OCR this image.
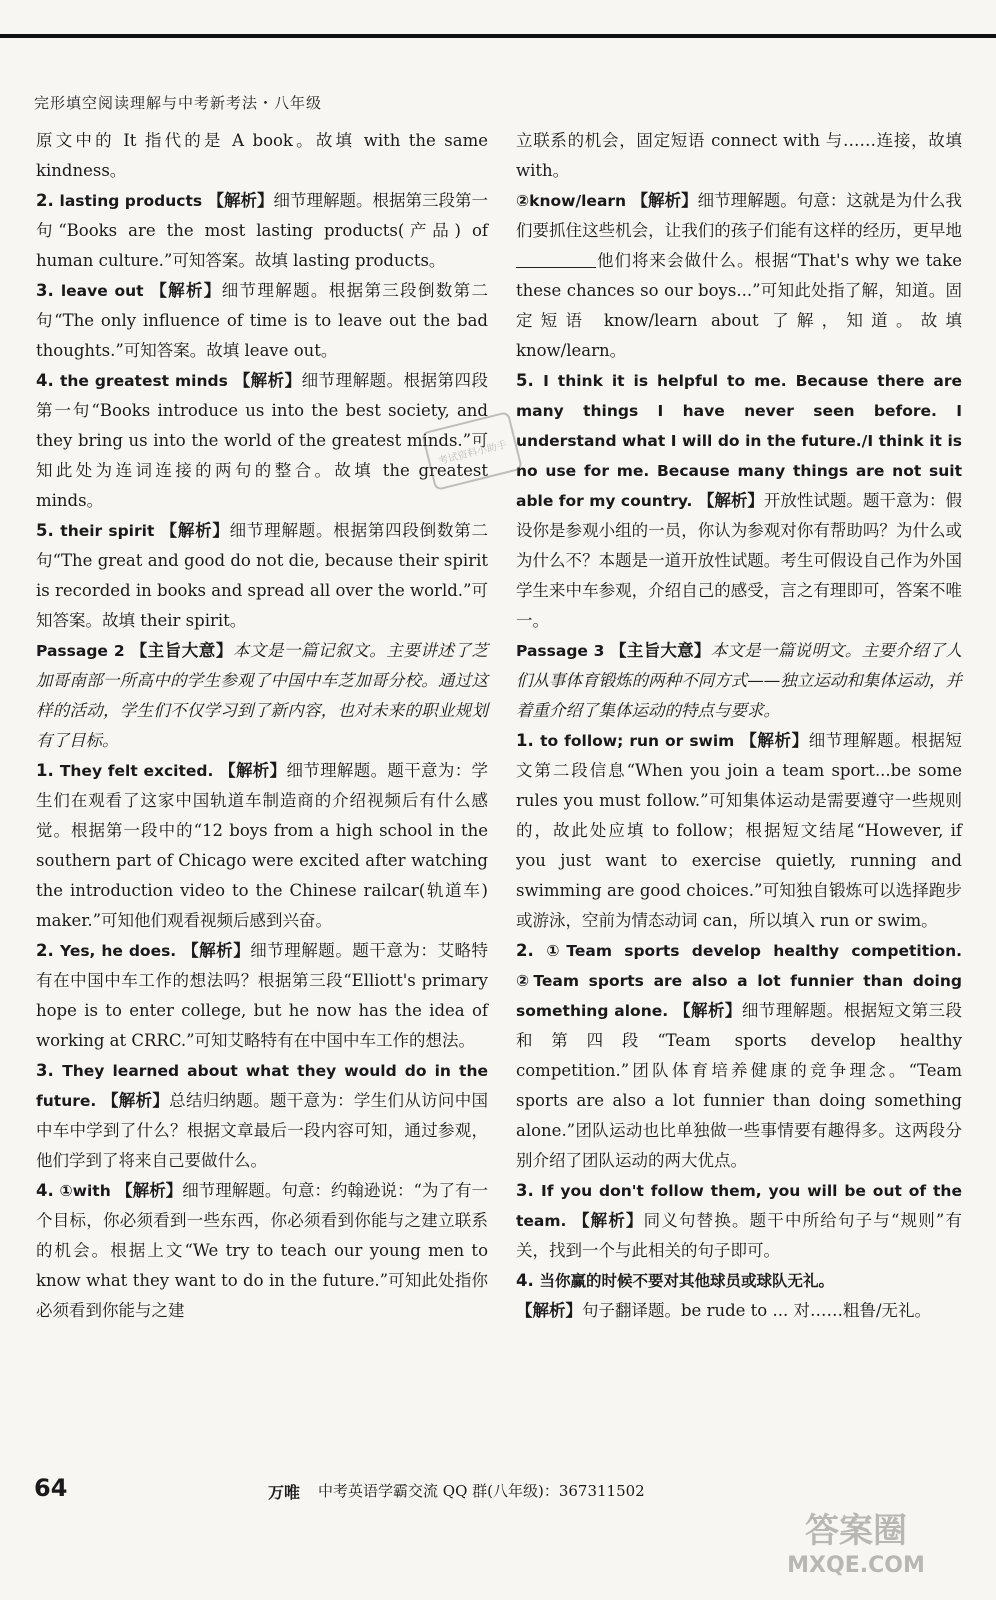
完形填空阅读理解与中考新考法・八年级

原文中的 It 指代的是 A book。故填 with the same kindness。

2. lasting products 【解析】细节理解题。根据第三段第一句“Books are the most lasting products(产品) of human culture.”可知答案。故填 lasting products。

3. leave out 【解析】细节理解题。根据第三段倒数第二句“The only influence of time is to leave out the bad thoughts.”可知答案。故填 leave out。

4. the greatest minds 【解析】细节理解题。根据第四段第一句“Books introduce us into the best society, and they bring us into the world of the greatest minds.”可知此处为连词连接的两句的整合。故填 the greatest minds。

5. their spirit 【解析】细节理解题。根据第四段倒数第二句“The great and good do not die, because their spirit is recorded in books and spread all over the world.”可知答案。故填 their spirit。

Passage 2 【主旨大意】本文是一篇记叙文。主要讲述了芝加哥南部一所高中的学生参观了中国中车芝加哥分校。通过这样的活动，学生们不仅学习到了新内容，也对未来的职业规划有了目标。

1. They felt excited. 【解析】细节理解题。题干意为：学生们在观看了这家中国轨道车制造商的介绍视频后有什么感觉。根据第一段中的“12 boys from a high school in the southern part of Chicago were excited after watching the introduction video to the Chinese railcar(轨道车) maker.”可知他们观看视频后感到兴奋。

2. Yes, he does. 【解析】细节理解题。题干意为：艾略特有在中国中车工作的想法吗？根据第三段“Elliott's primary hope is to enter college, but he now has the idea of working at CRRC.”可知艾略特有在中国中车工作的想法。

3. They learned about what they would do in the future. 【解析】总结归纳题。题干意为：学生们从访问中国中车中学到了什么？根据文章最后一段内容可知，通过参观，他们学到了将来自己要做什么。

4. ①with 【解析】细节理解题。句意：约翰逊说：“为了有一个目标，你必须看到一些东西，你必须看到你能与之建立联系的机会。根据上文“We try to teach our young men to know what they want to do in the future.”可知此处指你必须看到你能与之建

立联系的机会，固定短语 connect with 与……连接，故填 with。

②know/learn 【解析】细节理解题。句意：这就是为什么我们要抓住这些机会，让我们的孩子们能有这样的经历，更早地他们将来会做什么。根据“That's why we take these chances so our boys...”可知此处指了解，知道。固定短语 know/learn about 了解，知道。故填 know/learn。

5. I think it is helpful to me. Because there are many things I have never seen before. I understand what I will do in the future./I think it is no use for me. Because many things are not suit able for my country. 【解析】开放性试题。题干意为：假设你是参观小组的一员，你认为参观对你有帮助吗？为什么或为什么不？本题是一道开放性试题。考生可假设自己作为外国学生来中车参观，介绍自己的感受，言之有理即可，答案不唯一。

Passage 3 【主旨大意】本文是一篇说明文。主要介绍了人们从事体育锻炼的两种不同方式——独立运动和集体运动，并着重介绍了集体运动的特点与要求。

1. to follow; run or swim 【解析】细节理解题。根据短文第二段信息“When you join a team sport...be some rules you must follow.”可知集体运动是需要遵守一些规则的，故此处应填 to follow；根据短文结尾“However, if you just want to exercise quietly, running and swimming are good choices.”可知独自锻炼可以选择跑步或游泳，空前为情态动词 can，所以填入 run or swim。

2. ①Team sports develop healthy competition. ②Team sports are also a lot funnier than doing something alone. 【解析】细节理解题。根据短文第三段和第四段“Team sports develop healthy competition.”团队体育培养健康的竞争理念。“Team sports are also a lot funnier than doing something alone.”团队运动也比单独做一些事情要有趣得多。这两段分别介绍了团队运动的两大优点。

3. If you don't follow them, you will be out of the team. 【解析】同义句替换。题干中所给句子与“规则”有关，找到一个与此相关的句子即可。

4. 当你赢的时候不要对其他球员或球队无礼。

【解析】句子翻译题。be rude to ... 对……粗鲁/无礼。

考试资料小助手
64	万唯 中考英语学霸交流 QQ 群(八年级)：367311502
答案圈
MXQE.COM
